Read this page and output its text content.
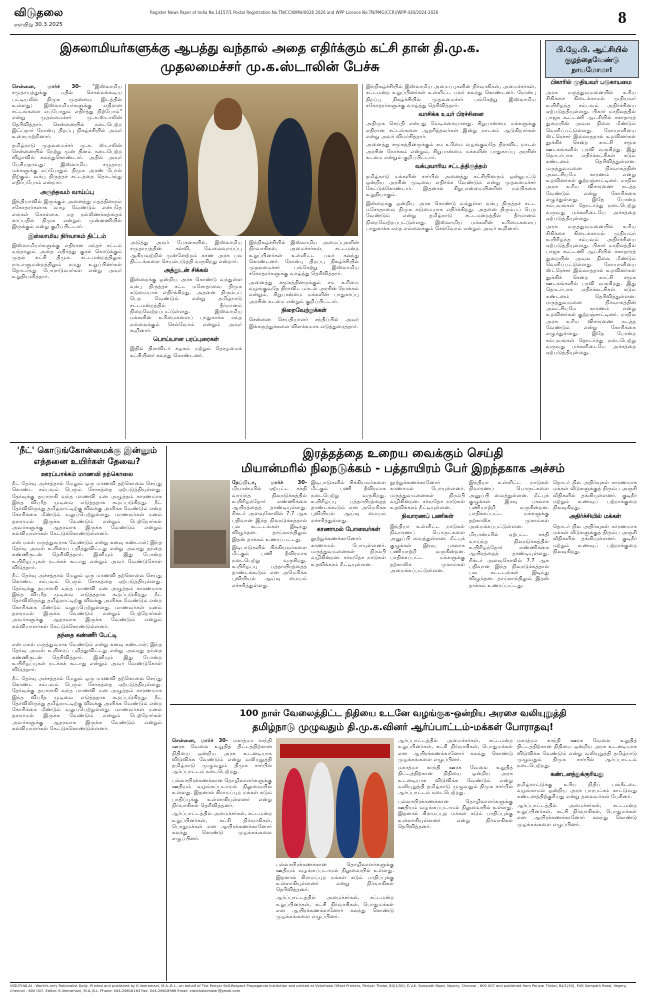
விடுதலை
ஞாயிறு 30.3.2025
Register News Paper of India No.14157/1 Postal Registration No.TN/CC/WMH/0026 2026 and WPP Licence No.TN/PMG(CCR)/WPP-430/2024-2026	8
இசுலாமியர்களுக்கு ஆபத்து வந்தால் அதை எதிர்க்கும் கட்சி தான் தி.மு.க.
முதலமைச்சர் மு.க.ஸ்டாலின் பேச்சு

சென்னை, மார்ச் 30- "இஸ்லாமிய சமுதாயத்துக்கு பதில் சொல்லக்கூடிய பட்டியலில் திமுக முதன்மை இடத்தில் உள்ளது; இஸ்லாமியர்களுக்கு எதிரான சட்டங்களை எப்போதும் எதிர்த்து நிற்போம்" என்று முதலமைச்சர் மு.க.ஸ்டாலின் தெரிவித்தார். சென்னையில் நடைபெற்ற இஃப்தார் நோன்பு திறப்பு நிகழ்ச்சியில் அவர் உரையாற்றினார்.

தமிழ்நாடு முதலமைச்சர் மு.க. ஸ்டாலின் சென்னையில் நேற்று முன் தினம் நடைபெற்ற விழாவில் கலந்துகொண்டார். அதில் அவர் பேசியதாவது: இஸ்லாமிய சமுதாய மக்களுக்கு எப்போதும் திமுக அரண் போல் நிற்கும். வக்பு திருத்தச் சட்டத்தை தொடர்ந்து எதிர்ப்போம் என்றார்.

அருந்தவம் வாய்ப்பு

இந்தியாவில் இருக்கும் அனைத்து மதத்தினரும் சகோதரர்களாக வாழ வேண்டும் என்பதே எங்கள் கொள்கை. மத நல்லிணக்கத்தைக் காப்பதில் திமுக என்றும் முன்னணியில் இருக்கும் என்று குறிப்பிட்டார்.

இஸ்லாமிய நிர்வாகம் திட்டம்

இஸ்லாமியர்களுக்கு எதிரான எந்தச் சட்டம் வந்தாலும் அதை எதிர்த்து குரல் கொடுக்கும் முதல் கட்சி திமுக. சட்டமன்றத்திலும் நாடாளுமன்றத்திலும் நமது உறுப்பினர்கள் தொடர்ந்து போராடுவார்கள் என்று அவர் உறுதியளித்தார்.

அடுத்து அவர் பேசுகையில், இஸ்லாமிய சமுதாயத்தின் கல்வி, வேலைவாய்ப்பு ஆகியவற்றில் முன்னேற்றம் காண அரசு பல திட்டங்களை செயல்படுத்தி வருகிறது என்றார்.

அத்துடன் சிக்கல்

இன்றைக்கு ஒன்றிய அரசு கொண்டு வந்துள்ள வக்பு திருத்தச் சட்ட மசோதாவை திமுக கடுமையாக எதிர்க்கிறது. அதனை திரும்பப் பெற வேண்டும் என்று தமிழ்நாடு சட்டமன்றத்தில் தீர்மானம் நிறைவேற்றப்பட்டுள்ளது. இஸ்லாமிய மக்களின் உரிமைகளைப் பாதுகாக்க எந்த எல்லைக்கும் செல்வோம் என்றும் அவர் கூறினார்.

பொய்யான பரப்புரைகள்

இதில் திராவிடர் கழகம் மற்றும் தோழமைக் கட்சியினர் கலந்து கொண்டனர்.

இந்நிகழ்ச்சியில் இஸ்லாமிய அமைப்புகளின் நிர்வாகிகள், அமைச்சர்கள், சட்டமன்ற உறுப்பினர்கள் உள்ளிட்ட பலர் கலந்து கொண்டனர். நோன்பு திறப்பு நிகழ்ச்சியில் முதலமைச்சர் பங்கேற்று இஸ்லாமிய சகோதரர்களுக்கு வாழ்த்து தெரிவித்தார்.

அனைத்து சமூகத்தினருக்கும் சம உரிமை வழங்குவதே திராவிட மாடல் அரசின் நோக்கம் என்றும், சிறுபான்மை மக்களின் பாதுகாப்பு அரசின் கடமை என்றும் குறிப்பிட்டார்.

நிறைவேற்றுக்கள்

சென்னை செய்தியாளர் சந்திப்பில் அவர் இக்கருத்துக்களை விளக்கமாக எடுத்துரைத்தார்.

இந்நிகழ்ச்சியில் இஸ்லாமிய அமைப்புகளின் நிர்வாகிகள், அமைச்சர்கள், சட்டமன்ற உறுப்பினர்கள் உள்ளிட்ட பலர் கலந்து கொண்டனர். நோன்பு திறப்பு நிகழ்ச்சியில் முதலமைச்சர் பங்கேற்று இஸ்லாமிய சகோதரர்களுக்கு வாழ்த்து தெரிவித்தார்.

வாசிக்க உயர் பிரச்சினை

அதிமுக செய்தி என்பது வேடிக்கையானது. சிறுபான்மை மக்களுக்கு எதிரான சட்டங்களை ஆதரித்தவர்கள் இன்று நாடகம் ஆடுகிறார்கள் என்று அவர் விமர்சித்தார்.

அனைத்து சமூகத்தினருக்கும் சம உரிமை வழங்குவதே திராவிட மாடல் அரசின் நோக்கம் என்றும், சிறுபான்மை மக்களின் பாதுகாப்பு அரசின் கடமை என்றும் குறிப்பிட்டார்.

வக்புவாரிய சட்டத்திருத்தம்

தமிழ்நாடு மக்களின் சார்பில் அனைத்து கட்சியினரும் ஒன்றுபட்டு ஒன்றிய அரசின் முடிவை எதிர்க்க வேண்டும் என்று முதலமைச்சர் கேட்டுக்கொண்டார். இதனால் சிறுபான்மையினரின் நம்பிக்கை உறுதியாகும்.

இன்றைக்கு ஒன்றிய அரசு கொண்டு வந்துள்ள வக்பு திருத்தச் சட்ட மசோதாவை திமுக கடுமையாக எதிர்க்கிறது. அதனை திரும்பப் பெற வேண்டும் என்று தமிழ்நாடு சட்டமன்றத்தில் தீர்மானம் நிறைவேற்றப்பட்டுள்ளது. இஸ்லாமிய மக்களின் உரிமைகளைப் பாதுகாக்க எந்த எல்லைக்கும் செல்வோம் என்றும் அவர் கூறினார்.

பி.ஜே.பி. ஆட்சியில்
குழந்தைவேண்டு நாயமோமா!
பிகாரில் முதியவர் படுகாயமை

அரசு மருத்துவமனையில் உரிய சிகிச்சை கிடைக்காமல் முதியவர் உயிரிழந்த சம்பவம் அதிர்ச்சியை ஏற்படுத்தியுள்ளது. பிகார் மாநிலத்தில் பாஜக கூட்டணி ஆட்சியில் சுகாதாரத் துறையின் அவல நிலை மீண்டும் வெளிப்பட்டுள்ளது. நோயாளியை ஸ்ட்ரெச்சர் இல்லாததால் உறவினர்கள் தூக்கிச் சென்ற காட்சி சமூக ஊடகங்களில் பரவி வருகிறது. இது தொடர்பாக எதிர்க்கட்சிகள் கடும் கண்டனம் தெரிவித்துள்ளன. மருத்துவமனை நிர்வாகத்தின் அலட்சியமே காரணம் என்று உறவினர்கள் குற்றஞ்சாட்டினர். மாநில அரசு உரிய விசாரணை நடத்த வேண்டும் என்று கோரிக்கை எழுந்துள்ளது. இதே போன்ற சம்பவங்கள் தொடர்ந்து நடைபெற்று வருவது மக்களிடையே அச்சத்தை ஏற்படுத்தியுள்ளது.

அரசு மருத்துவமனையில் உரிய சிகிச்சை கிடைக்காமல் முதியவர் உயிரிழந்த சம்பவம் அதிர்ச்சியை ஏற்படுத்தியுள்ளது. பிகார் மாநிலத்தில் பாஜக கூட்டணி ஆட்சியில் சுகாதாரத் துறையின் அவல நிலை மீண்டும் வெளிப்பட்டுள்ளது. நோயாளியை ஸ்ட்ரெச்சர் இல்லாததால் உறவினர்கள் தூக்கிச் சென்ற காட்சி சமூக ஊடகங்களில் பரவி வருகிறது. இது தொடர்பாக எதிர்க்கட்சிகள் கடும் கண்டனம் தெரிவித்துள்ளன. மருத்துவமனை நிர்வாகத்தின் அலட்சியமே காரணம் என்று உறவினர்கள் குற்றஞ்சாட்டினர். மாநில அரசு உரிய விசாரணை நடத்த வேண்டும் என்று கோரிக்கை எழுந்துள்ளது. இதே போன்ற சம்பவங்கள் தொடர்ந்து நடைபெற்று வருவது மக்களிடையே அச்சத்தை ஏற்படுத்தியுள்ளது.

'நீட்' கொடுங்கோன்மைக்கு இன்னும் எத்தனை உயிர்கள் தேவை?
ஊரப்பாக்கம் மாணவி தற்கொலை

நீட் தேர்வு அச்சத்தால் மேலும் ஒரு மாணவி தற்கொலை செய்து கொண்ட சம்பவம் பெரும் சோகத்தை ஏற்படுத்தியுள்ளது. தேர்வுக்கு தயாராகி வந்த மாணவி மன அழுத்தம் காரணமாக இந்த விபரீத முடிவை எடுத்ததாக கூறப்படுகிறது. நீட் தேர்விலிருந்து தமிழ்நாட்டிற்கு விலக்கு அளிக்க வேண்டும் என்ற கோரிக்கை மீண்டும் வலுப்பெற்றுள்ளது. மாணவர்கள் மனம் தளராமல் இருக்க வேண்டும் என்றும் பெற்றோர்கள் அவர்களுக்கு ஆதரவாக இருக்க வேண்டும் என்றும் கல்வியாளர்கள் கேட்டுக்கொண்டுள்ளனர்.

என் மகள் மருத்துவராக வேண்டும் என்று கனவு கண்டாள்; இந்த தேர்வு அவள் உயிரைப் பறித்துவிட்டது என்று அவரது தந்தை கண்ணீருடன் தெரிவித்தார். இனியும் இது போன்ற உயிரிழப்புகள் நடக்கக் கூடாது என்றும் அவர் வேண்டுகோள் விடுத்தார்.

நீட் தேர்வு அச்சத்தால் மேலும் ஒரு மாணவி தற்கொலை செய்து கொண்ட சம்பவம் பெரும் சோகத்தை ஏற்படுத்தியுள்ளது. தேர்வுக்கு தயாராகி வந்த மாணவி மன அழுத்தம் காரணமாக இந்த விபரீத முடிவை எடுத்ததாக கூறப்படுகிறது. நீட் தேர்விலிருந்து தமிழ்நாட்டிற்கு விலக்கு அளிக்க வேண்டும் என்ற கோரிக்கை மீண்டும் வலுப்பெற்றுள்ளது. மாணவர்கள் மனம் தளராமல் இருக்க வேண்டும் என்றும் பெற்றோர்கள் அவர்களுக்கு ஆதரவாக இருக்க வேண்டும் என்றும் கல்வியாளர்கள் கேட்டுக்கொண்டுள்ளனர்.

தந்தை கண்ணீர் பேட்டி

என் மகள் மருத்துவராக வேண்டும் என்று கனவு கண்டாள்; இந்த தேர்வு அவள் உயிரைப் பறித்துவிட்டது என்று அவரது தந்தை கண்ணீருடன் தெரிவித்தார். இனியும் இது போன்ற உயிரிழப்புகள் நடக்கக் கூடாது என்றும் அவர் வேண்டுகோள் விடுத்தார்.

நீட் தேர்வு அச்சத்தால் மேலும் ஒரு மாணவி தற்கொலை செய்து கொண்ட சம்பவம் பெரும் சோகத்தை ஏற்படுத்தியுள்ளது. தேர்வுக்கு தயாராகி வந்த மாணவி மன அழுத்தம் காரணமாக இந்த விபரீத முடிவை எடுத்ததாக கூறப்படுகிறது. நீட் தேர்விலிருந்து தமிழ்நாட்டிற்கு விலக்கு அளிக்க வேண்டும் என்ற கோரிக்கை மீண்டும் வலுப்பெற்றுள்ளது. மாணவர்கள் மனம் தளராமல் இருக்க வேண்டும் என்றும் பெற்றோர்கள் அவர்களுக்கு ஆதரவாக இருக்க வேண்டும் என்றும் கல்வியாளர்கள் கேட்டுக்கொண்டுள்ளனர்.

இரத்தத்தை உறைய வைக்கும் செய்தி
மியான்மரில் நிலநடுக்கம் - பத்தாயிரம் பேர் இறந்தகாக அச்சம்

நேப்பிடா, மார்ச் 30- மியான்மரில் ஏற்பட்ட சக்தி வாய்ந்த நிலநடுக்கத்தில் உயிரிழந்தோர் எண்ணிக்கை ஆயிரத்தைத் தாண்டியுள்ளது. ரிக்டர் அளவுகோலில் 7.7 ஆக பதிவான இந்த நிலநடுக்கத்தால் பல கட்டடங்கள் இடிந்து விழுந்தன. தாய்லாந்திலும் இதன் தாக்கம் உணரப்பட்டது.

இடிபாடுகளில் சிக்கியவர்களை மீட்கும் பணி தீவிரமாக நடைபெற்று வருகிறது. உயிரிழப்பு பத்தாயிரத்தைத் தாண்டக்கூடும் என அமெரிக்க புவியியல் ஆய்வு மையம் எச்சரித்துள்ளது.

இடிபாடுகளில் சிக்கியவர்களை மீட்கும் பணி தீவிரமாக நடைபெற்று வருகிறது. உயிரிழப்பு பத்தாயிரத்தைத் தாண்டக்கூடும் என அமெரிக்க புவியியல் ஆய்வு மையம் எச்சரித்துள்ளது.

காணாமல் போனவர்கள்

நூற்றுக்கணக்கானோர் காணாமல் போயுள்ளனர். மருத்துவமனைகள் நிரம்பி வழிகின்றன. சர்வதேச நாடுகள் உதவிக்கரம் நீட்டியுள்ளன.

நூற்றுக்கணக்கானோர் காணாமல் போயுள்ளனர். மருத்துவமனைகள் நிரம்பி வழிகின்றன. சர்வதேச நாடுகள் உதவிக்கரம் நீட்டியுள்ளன.

நிவாரணப் பணிகள்

இந்தியா உள்ளிட்ட நாடுகள் நிவாரணப் பொருட்களை அனுப்பி வைத்துள்ளன. மீட்புக் குழுக்கள் இரவு பகலாக பணியாற்றி வருகின்றன. பாதிக்கப்பட்ட மக்களுக்கு தற்காலிக முகாம்கள் அமைக்கப்பட்டுள்ளன.

இந்தியா உள்ளிட்ட நாடுகள் நிவாரணப் பொருட்களை அனுப்பி வைத்துள்ளன. மீட்புக் குழுக்கள் இரவு பகலாக பணியாற்றி வருகின்றன. பாதிக்கப்பட்ட மக்களுக்கு தற்காலிக முகாம்கள் அமைக்கப்பட்டுள்ளன.

மியான்மரில் ஏற்பட்ட சக்தி வாய்ந்த நிலநடுக்கத்தில் உயிரிழந்தோர் எண்ணிக்கை ஆயிரத்தைத் தாண்டியுள்ளது. ரிக்டர் அளவுகோலில் 7.7 ஆக பதிவான இந்த நிலநடுக்கத்தால் பல கட்டடங்கள் இடிந்து விழுந்தன. தாய்லாந்திலும் இதன் தாக்கம் உணரப்பட்டது.

தொடர் நில அதிர்வுகள் காரணமாக மக்கள் வீடுகளுக்குத் திரும்ப அஞ்சி வீதிகளில் தங்கியுள்ளனர். குடிநீர் மற்றும் உணவுப் பற்றாக்குறை நிலவுகிறது.

அதிர்ச்சியில் மக்கள்

தொடர் நில அதிர்வுகள் காரணமாக மக்கள் வீடுகளுக்குத் திரும்ப அஞ்சி வீதிகளில் தங்கியுள்ளனர். குடிநீர் மற்றும் உணவுப் பற்றாக்குறை நிலவுகிறது.

100 நாள் வேலைத்திட்ட நிதியை உடனே வழங்குக-ஒன்றிய அரசை வலியுறுத்தி
தமிழ்நாடு முழுவதும் தி.மு.க.வினர் ஆர்ப்பாட்டம்-மக்கள் போராதவு!

சென்னை, மார்ச் 30- மகாத்மா காந்தி ஊரக வேலை உறுதித் திட்டத்திற்கான நிதியை ஒன்றிய அரசு உடனடியாக விடுவிக்க வேண்டும் என்று வலியுறுத்தி தமிழ்நாடு முழுவதும் திமுக சார்பில் ஆர்ப்பாட்டம் நடைபெற்றது.

பல்லாயிரக்கணக்கான தொழிலாளர்களுக்கு ஊதியம் வழங்கப்படாமல் நிலுவையில் உள்ளது. இதனால் கிராமப்புற மக்கள் கடும் பாதிப்புக்கு உள்ளாகியுள்ளனர் என்று நிர்வாகிகள் தெரிவித்தனர்.

ஆர்ப்பாட்டத்தில் அமைச்சர்கள், சட்டமன்ற உறுப்பினர்கள், கட்சி நிர்வாகிகள், பொதுமக்கள் என ஆயிரக்கணக்கானோர் கலந்து கொண்டு முழக்கங்களை எழுப்பினர்.

பல்லாயிரக்கணக்கான தொழிலாளர்களுக்கு ஊதியம் வழங்கப்படாமல் நிலுவையில் உள்ளது. இதனால் கிராமப்புற மக்கள் கடும் பாதிப்புக்கு உள்ளாகியுள்ளனர் என்று நிர்வாகிகள் தெரிவித்தனர்.

ஆர்ப்பாட்டத்தில் அமைச்சர்கள், சட்டமன்ற உறுப்பினர்கள், கட்சி நிர்வாகிகள், பொதுமக்கள் என ஆயிரக்கணக்கானோர் கலந்து கொண்டு முழக்கங்களை எழுப்பினர்.

ஆர்ப்பாட்டத்தில் அமைச்சர்கள், சட்டமன்ற உறுப்பினர்கள், கட்சி நிர்வாகிகள், பொதுமக்கள் என ஆயிரக்கணக்கானோர் கலந்து கொண்டு முழக்கங்களை எழுப்பினர்.

மகாத்மா காந்தி ஊரக வேலை உறுதித் திட்டத்திற்கான நிதியை ஒன்றிய அரசு உடனடியாக விடுவிக்க வேண்டும் என்று வலியுறுத்தி தமிழ்நாடு முழுவதும் திமுக சார்பில் ஆர்ப்பாட்டம் நடைபெற்றது.

பல்லாயிரக்கணக்கான தொழிலாளர்களுக்கு ஊதியம் வழங்கப்படாமல் நிலுவையில் உள்ளது. இதனால் கிராமப்புற மக்கள் கடும் பாதிப்புக்கு உள்ளாகியுள்ளனர் என்று நிர்வாகிகள் தெரிவித்தனர்.

மகாத்மா காந்தி ஊரக வேலை உறுதித் திட்டத்திற்கான நிதியை ஒன்றிய அரசு உடனடியாக விடுவிக்க வேண்டும் என்று வலியுறுத்தி தமிழ்நாடு முழுவதும் திமுக சார்பில் ஆர்ப்பாட்டம் நடைபெற்றது.

கண்டனத்துக்குரியது

தமிழ்நாட்டுக்கு உரிய நிதிப் பங்கீட்டை வழங்காமல் ஒன்றிய அரசு பாரபட்சம் காட்டுவது கண்டனத்திற்குரியது என்று தலைவர்கள் பேசினர்.

ஆர்ப்பாட்டத்தில் அமைச்சர்கள், சட்டமன்ற உறுப்பினர்கள், கட்சி நிர்வாகிகள், பொதுமக்கள் என ஆயிரக்கணக்கானோர் கலந்து கொண்டு முழக்கங்களை எழுப்பினர்.

VIDUTHALAI - World's only Rationalist Daily -Printed and published by K.Veeramani, M.A.,B.L., on behalf of The Periyar Self-Respect Propaganda Institution and printed at Viduthalai Offset Printers, Periyar Thidal, 84/1(50), E.V.K. Sampath Road, Vepery, Chennai - 600 007 and published from Periyar Thidal, 84/1(50), EVK Sampath Road, Vepery, Chennai - 600 007. Editor: K.Veeramani, M.A.,B.L. Phone: 044-26618163 Fax: 044-26618966 Email: viduthalaimalar@gmail.com
